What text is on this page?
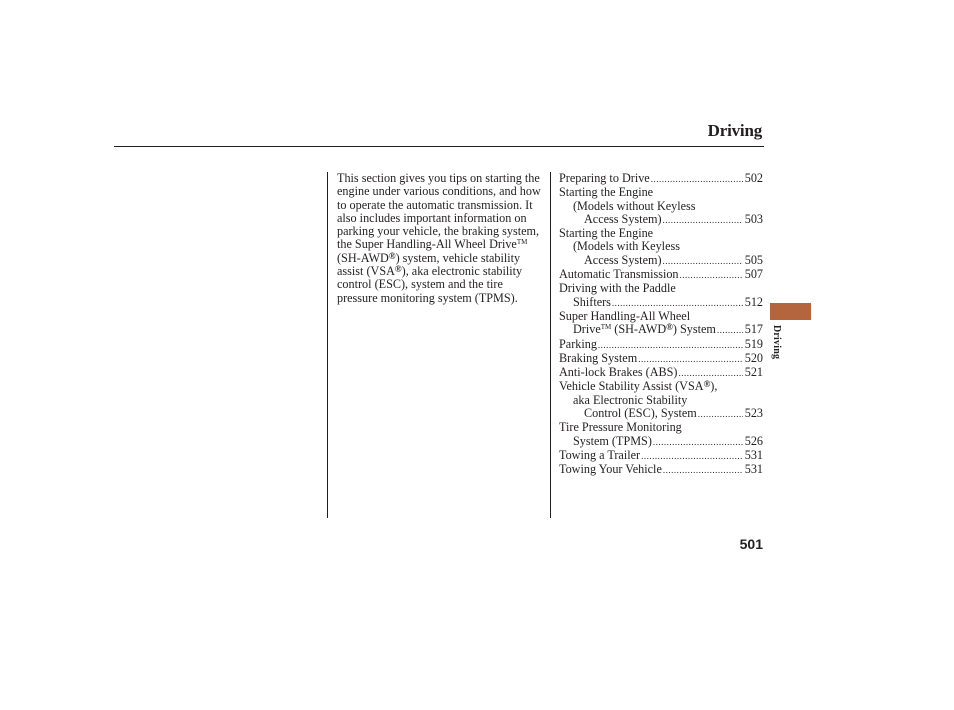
Driving
This section gives you tips on starting the engine under various conditions, and how to operate the automatic transmission. It also includes important information on parking your vehicle, the braking system, the Super Handling-All Wheel Drive™ (SH-AWD®) system, vehicle stability assist (VSA®), aka electronic stability control (ESC), system and the tire pressure monitoring system (TPMS).
Preparing to Drive .....	502
Starting the Engine
(Models without Keyless
Access System) .....	503
Starting the Engine
(Models with Keyless
Access System) .....	505
Automatic Transmission .....	507
Driving with the Paddle
Shifters .....	512
Super Handling-All Wheel
Drive™ (SH-AWD®) System ..... 517
Parking .....	519
Braking System .....	520
Anti-lock Brakes (ABS) .....	521
Vehicle Stability Assist (VSA®),
aka Electronic Stability
Control (ESC), System .....	523
Tire Pressure Monitoring
System (TPMS) .....	526
Towing a Trailer .....	531
Towing Your Vehicle .....	531
Driving
501
